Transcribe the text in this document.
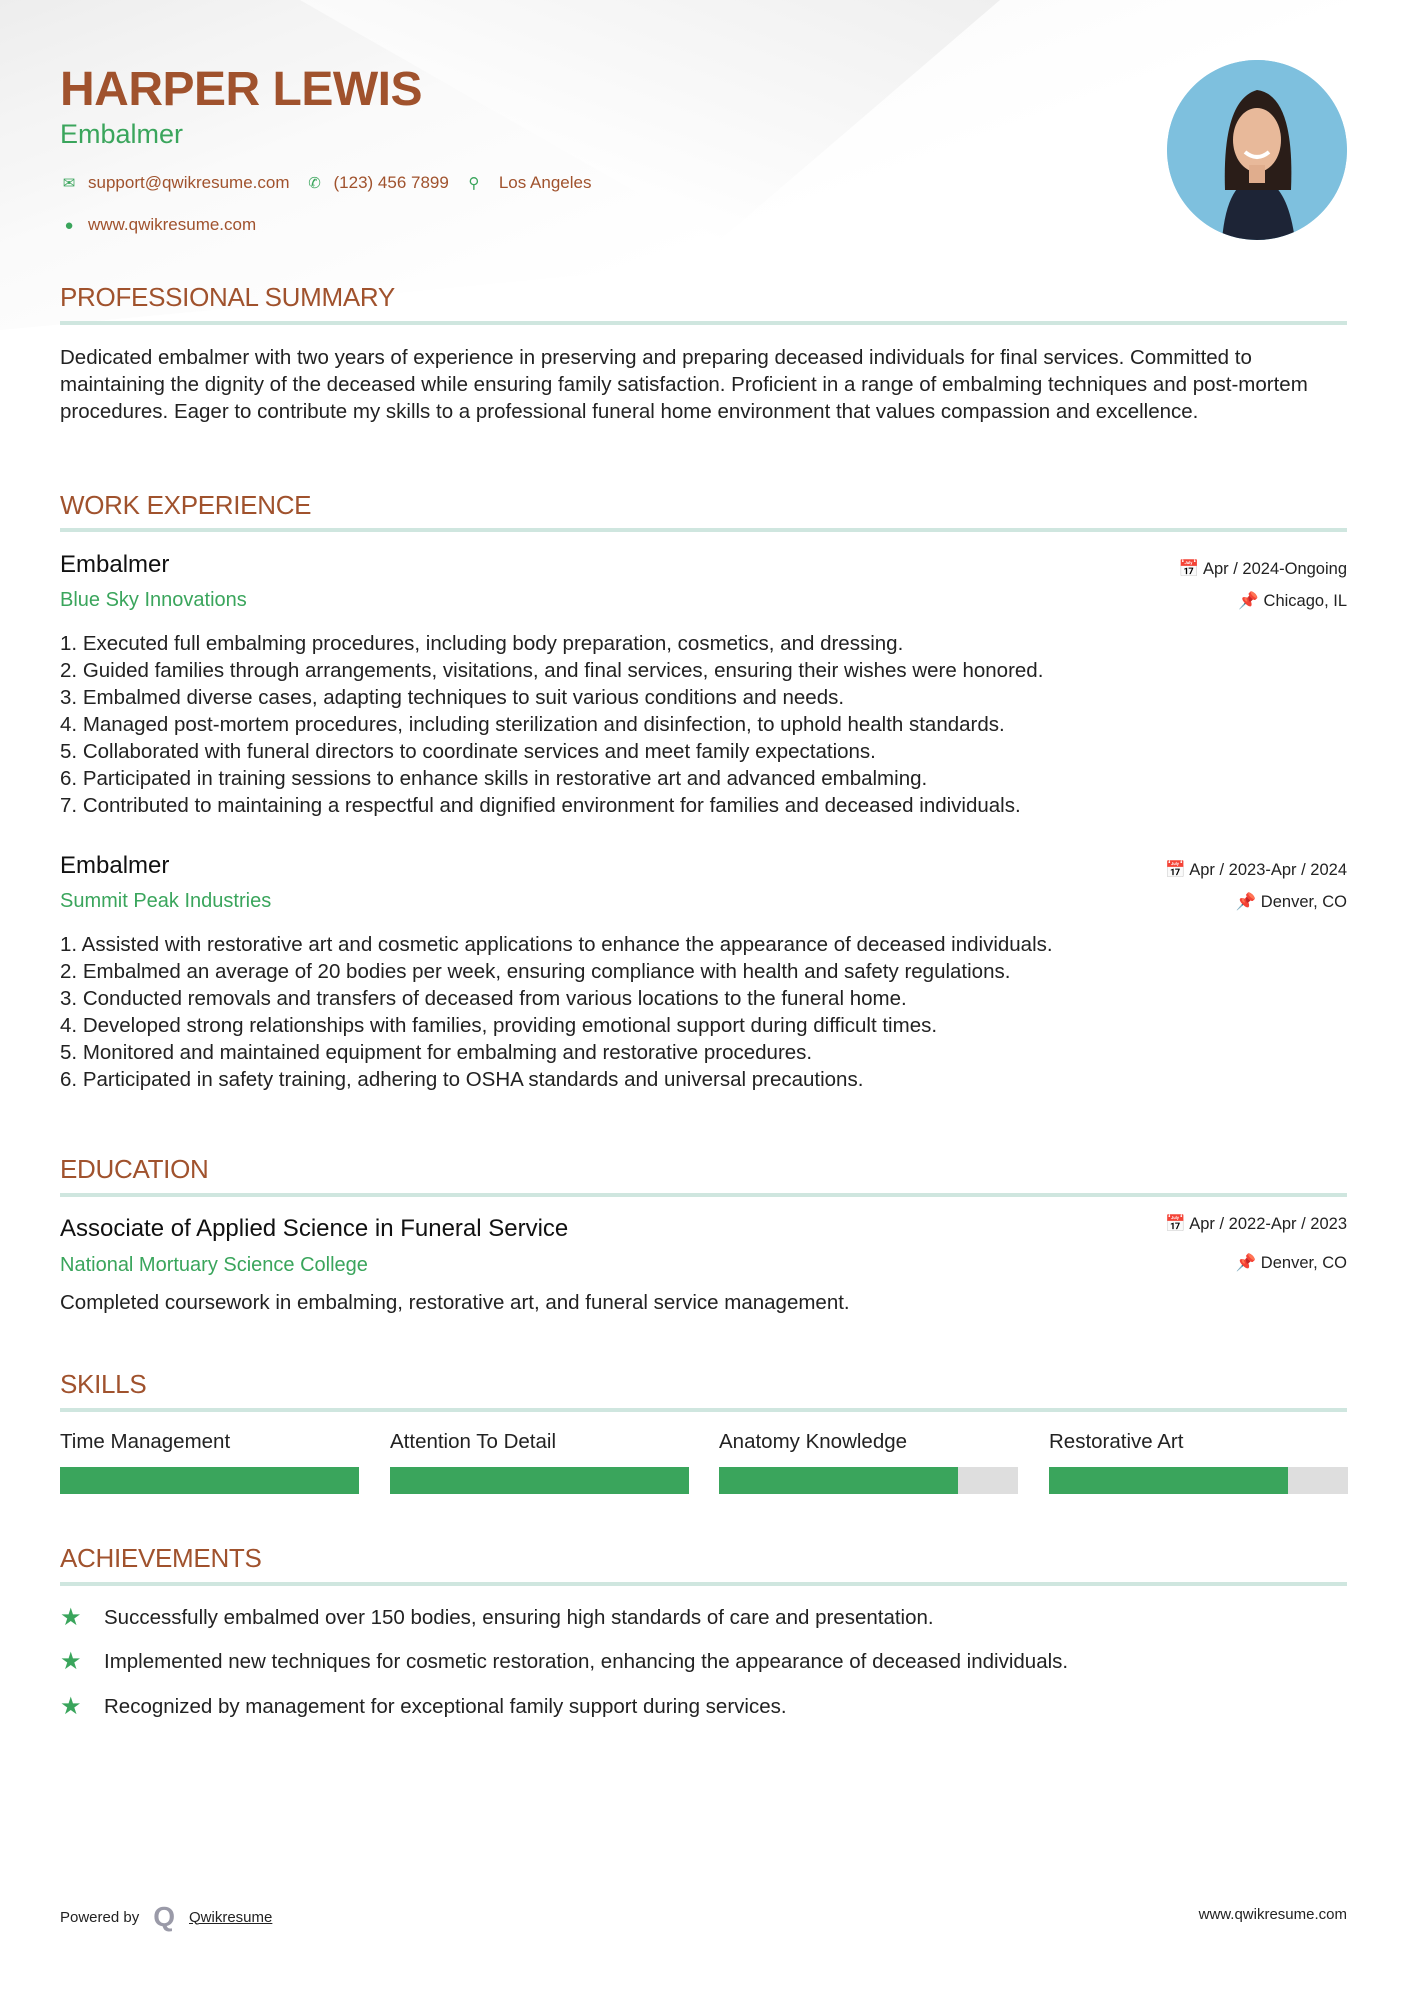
HARPER LEWIS
Embalmer
✉ support@qwikresume.com ✆ (123) 456 7899 ⚲ Los Angeles
● www.qwikresume.com
PROFESSIONAL SUMMARY
Dedicated embalmer with two years of experience in preserving and preparing deceased individuals for final services. Committed to maintaining the dignity of the deceased while ensuring family satisfaction. Proficient in a range of embalming techniques and post-mortem procedures. Eager to contribute my skills to a professional funeral home environment that values compassion and excellence.
WORK EXPERIENCE
Embalmer
Blue Sky Innovations
📅 Apr / 2024-Ongoing
📌 Chicago, IL
Executed full embalming procedures, including body preparation, cosmetics, and dressing.
Guided families through arrangements, visitations, and final services, ensuring their wishes were honored.
Embalmed diverse cases, adapting techniques to suit various conditions and needs.
Managed post-mortem procedures, including sterilization and disinfection, to uphold health standards.
Collaborated with funeral directors to coordinate services and meet family expectations.
Participated in training sessions to enhance skills in restorative art and advanced embalming.
Contributed to maintaining a respectful and dignified environment for families and deceased individuals.
Embalmer
Summit Peak Industries
📅 Apr / 2023-Apr / 2024
📌 Denver, CO
Assisted with restorative art and cosmetic applications to enhance the appearance of deceased individuals.
Embalmed an average of 20 bodies per week, ensuring compliance with health and safety regulations.
Conducted removals and transfers of deceased from various locations to the funeral home.
Developed strong relationships with families, providing emotional support during difficult times.
Monitored and maintained equipment for embalming and restorative procedures.
Participated in safety training, adhering to OSHA standards and universal precautions.
EDUCATION
Associate of Applied Science in Funeral Service
National Mortuary Science College
📅 Apr / 2022-Apr / 2023
📌 Denver, CO
Completed coursework in embalming, restorative art, and funeral service management.
SKILLS
Time Management	Attention To Detail	Anatomy Knowledge	Restorative Art
ACHIEVEMENTS
★	Successfully embalmed over 150 bodies, ensuring high standards of care and presentation.
★	Implemented new techniques for cosmetic restoration, enhancing the appearance of deceased individuals.
★	Recognized by management for exceptional family support during services.
Powered by Q Qwikresume	www.qwikresume.com
